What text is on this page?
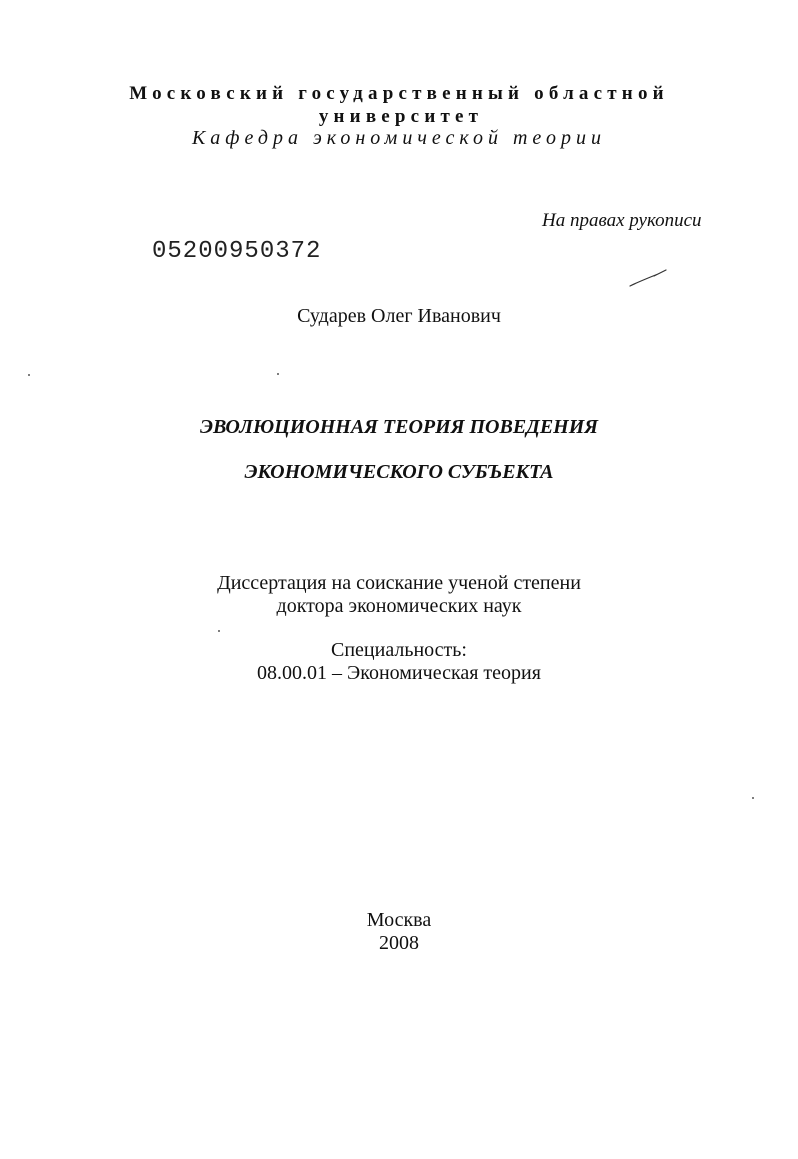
Московский государственный областной
университет
Кафедра экономической теории
На правах рукописи
05200950372
Сударев Олег Иванович
ЭВОЛЮЦИОННАЯ ТЕОРИЯ ПОВЕДЕНИЯ
ЭКОНОМИЧЕСКОГО СУБЪЕКТА
Диссертация на соискание ученой степени
доктора экономических наук
Специальность:
08.00.01 – Экономическая теория
Москва
2008
